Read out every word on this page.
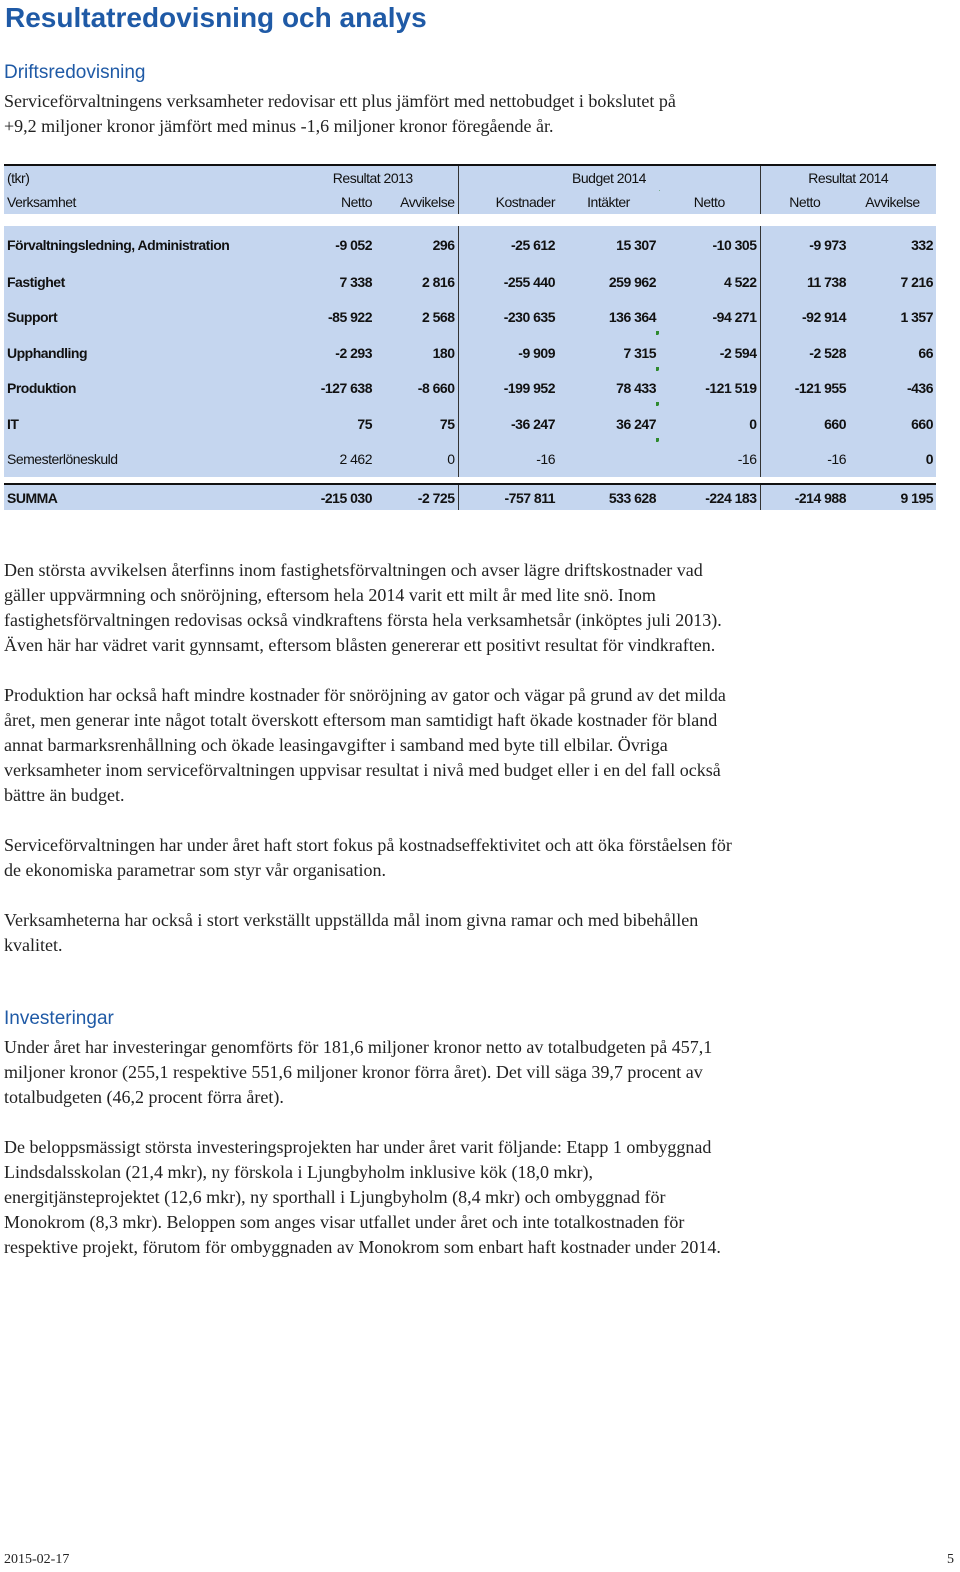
Resultatredovisning och analys
Driftsredovisning

Serviceförvaltningens verksamheter redovisar ett plus jämfört med nettobudget i bokslutet på
+9,2 miljoner kronor jämfört med minus -1,6 miljoner kronor föregående år.

(tkr)	Resultat 2013		Budget 2014			Resultat 2014	
Verksamhet	Netto	Avvikelse	Kostnader	Intäkter	Netto	Netto	Avvikelse

Förvaltningsledning, Administration	-9 052	296	-25 612	15 307	-10 305	-9 973	332
Fastighet	7 338	2 816	-255 440	259 962	4 522	11 738	7 216
Support	-85 922	2 568	-230 635	136 364	-94 271	-92 914	1 357
Upphandling	-2 293	180	-9 909	7 315	-2 594	-2 528	66
Produktion	-127 638	-8 660	-199 952	78 433	-121 519	-121 955	-436
IT	75	75	-36 247	36 247	0	660	660
Semesterlöneskuld	2 462	0	-16		-16	-16	0

SUMMA	-215 030	-2 725	-757 811	533 628	-224 183	-214 988	9 195

Den största avvikelsen återfinns inom fastighetsförvaltningen och avser lägre driftskostnader vad
gäller uppvärmning och snöröjning, eftersom hela 2014 varit ett milt år med lite snö. Inom
fastighetsförvaltningen redovisas också vindkraftens första hela verksamhetsår (inköptes juli 2013).
Även här har vädret varit gynnsamt, eftersom blåsten genererar ett positivt resultat för vindkraften.

Produktion har också haft mindre kostnader för snöröjning av gator och vägar på grund av det milda
året, men generar inte något totalt överskott eftersom man samtidigt haft ökade kostnader för bland
annat barmarksrenhållning och ökade leasingavgifter i samband med byte till elbilar. Övriga
verksamheter inom serviceförvaltningen uppvisar resultat i nivå med budget eller i en del fall också
bättre än budget.

Serviceförvaltningen har under året haft stort fokus på kostnadseffektivitet och att öka förståelsen för
de ekonomiska parametrar som styr vår organisation.

Verksamheterna har också i stort verkställt uppställda mål inom givna ramar och med bibehållen
kvalitet.

Investeringar

Under året har investeringar genomförts för 181,6 miljoner kronor netto av totalbudgeten på 457,1
miljoner kronor (255,1 respektive 551,6 miljoner kronor förra året). Det vill säga 39,7 procent av
totalbudgeten (46,2 procent förra året).

De beloppsmässigt största investeringsprojekten har under året varit följande: Etapp 1 ombyggnad
Lindsdalsskolan (21,4 mkr), ny förskola i Ljungbyholm inklusive kök (18,0 mkr),
energitjänsteprojektet (12,6 mkr), ny sporthall i Ljungbyholm (8,4 mkr) och ombyggnad för
Monokrom (8,3 mkr). Beloppen som anges visar utfallet under året och inte totalkostnaden för
respektive projekt, förutom för ombyggnaden av Monokrom som enbart haft kostnader under 2014.

2015-02-17	5
